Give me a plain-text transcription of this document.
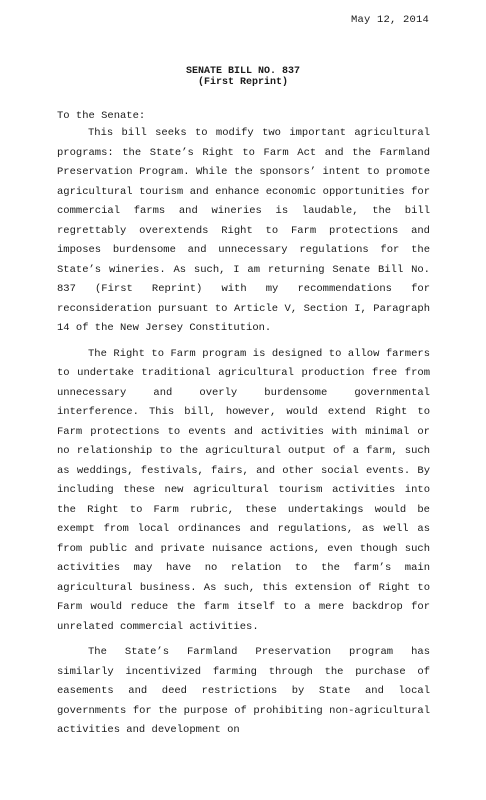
May 12, 2014
SENATE BILL NO. 837
(First Reprint)
To the Senate:

This bill seeks to modify two important agricultural programs: the State’s Right to Farm Act and the Farmland Preservation Program. While the sponsors’ intent to promote agricultural tourism and enhance economic opportunities for commercial farms and wineries is laudable, the bill regrettably overextends Right to Farm protections and imposes burdensome and unnecessary regulations for the State’s wineries. As such, I am returning Senate Bill No. 837 (First Reprint) with my recommendations for reconsideration pursuant to Article V, Section I, Paragraph 14 of the New Jersey Constitution.

The Right to Farm program is designed to allow farmers to undertake traditional agricultural production free from unnecessary and overly burdensome governmental interference. This bill, however, would extend Right to Farm protections to events and activities with minimal or no relationship to the agricultural output of a farm, such as weddings, festivals, fairs, and other social events. By including these new agricultural tourism activities into the Right to Farm rubric, these undertakings would be exempt from local ordinances and regulations, as well as from public and private nuisance actions, even though such activities may have no relation to the farm’s main agricultural business. As such, this extension of Right to Farm would reduce the farm itself to a mere backdrop for unrelated commercial activities.

The State’s Farmland Preservation program has similarly incentivized farming through the purchase of easements and deed restrictions by State and local governments for the purpose of prohibiting non-agricultural activities and development on
